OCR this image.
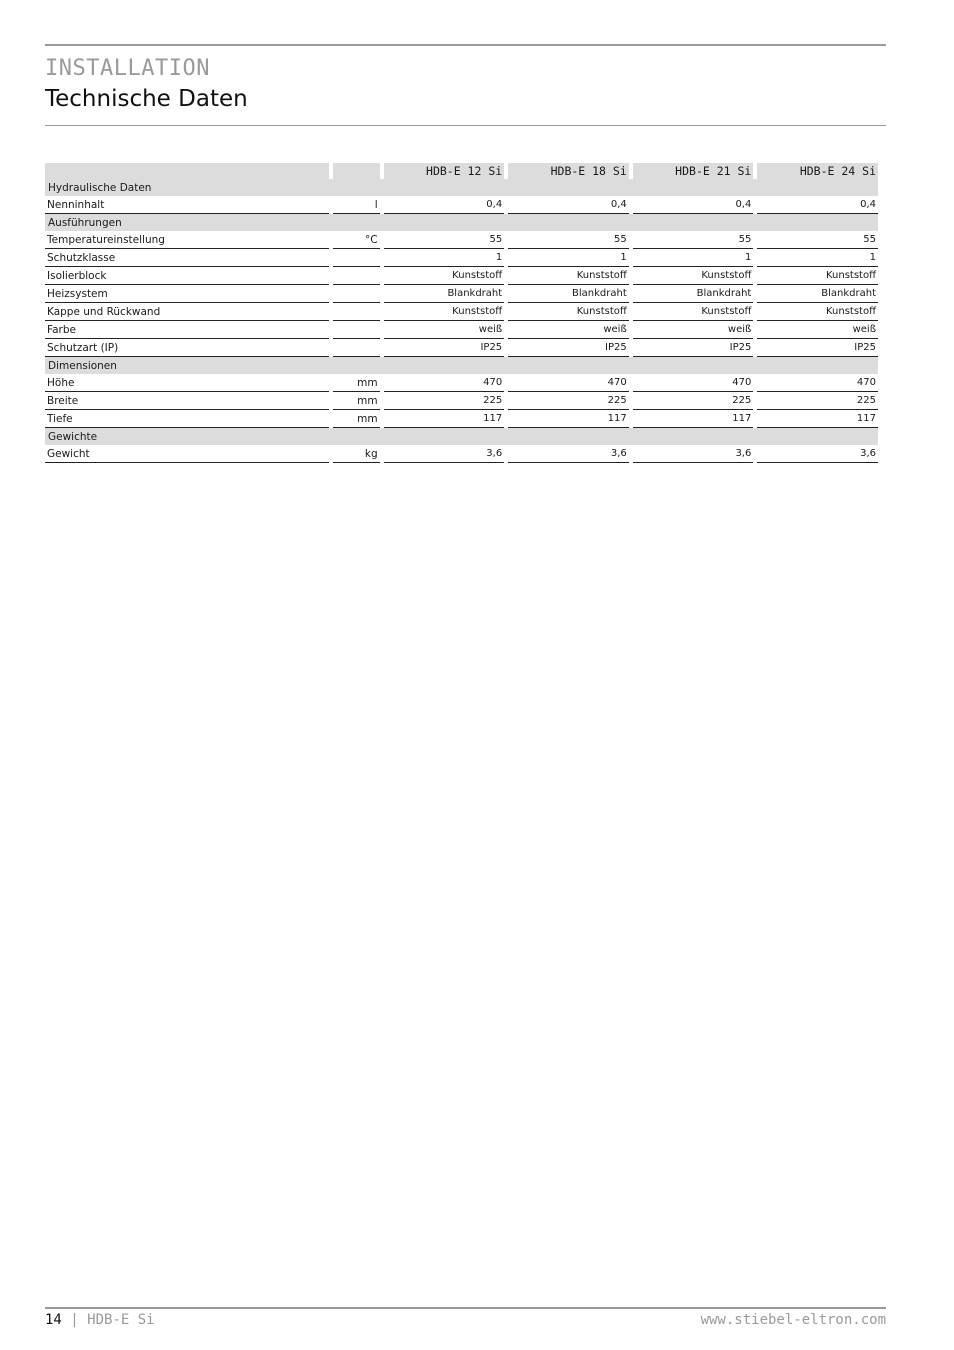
INSTALLATION
Technische Daten
		HDB-E 12 Si	HDB-E 18 Si	HDB-E 21 Si	HDB-E 24 Si
Hydraulische Daten					
Nenninhalt	l	0,4	0,4	0,4	0,4
Ausführungen					
Temperatureinstellung	°C	55	55	55	55
Schutzklasse		1	1	1	1
Isolierblock		Kunststoff	Kunststoff	Kunststoff	Kunststoff
Heizsystem		Blankdraht	Blankdraht	Blankdraht	Blankdraht
Kappe und Rückwand		Kunststoff	Kunststoff	Kunststoff	Kunststoff
Farbe		weiß	weiß	weiß	weiß
Schutzart (IP)		IP25	IP25	IP25	IP25
Dimensionen					
Höhe	mm	470	470	470	470
Breite	mm	225	225	225	225
Tiefe	mm	117	117	117	117
Gewichte					
Gewicht	kg	3,6	3,6	3,6	3,6
14 | HDB-E Si	www.stiebel-eltron.com
